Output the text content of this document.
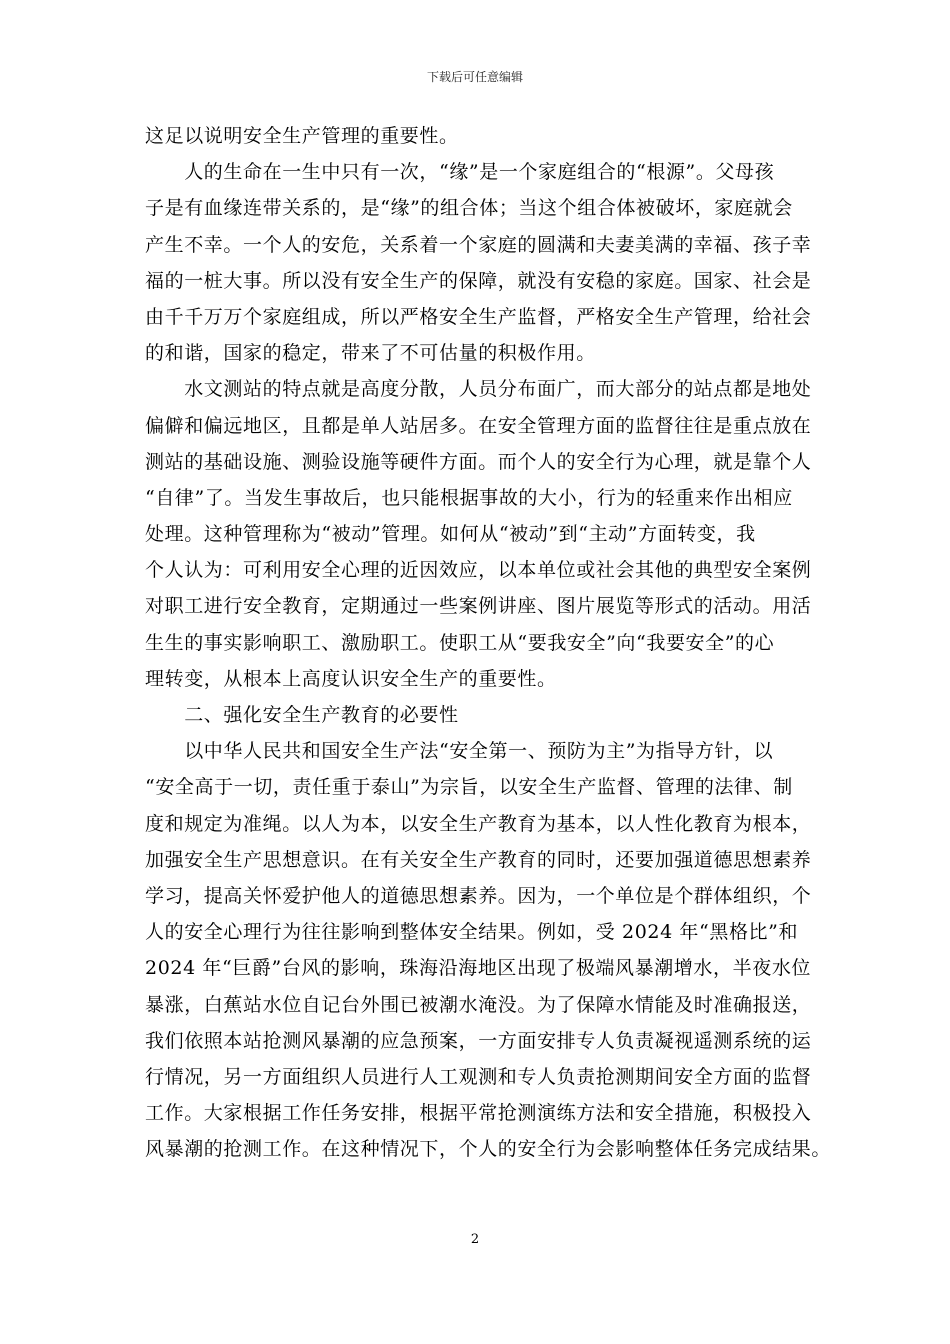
下载后可任意编辑
这足以说明安全生产管理的重要性。
　　人的生命在一生中只有一次，“缘”是一个家庭组合的“根源”。父母孩
子是有血缘连带关系的，是“缘”的组合体；当这个组合体被破坏，家庭就会
产生不幸。一个人的安危，关系着一个家庭的圆满和夫妻美满的幸福、孩子幸
福的一桩大事。所以没有安全生产的保障，就没有安稳的家庭。国家、社会是
由千千万万个家庭组成，所以严格安全生产监督，严格安全生产管理，给社会
的和谐，国家的稳定，带来了不可估量的积极作用。
　　水文测站的特点就是高度分散，人员分布面广，而大部分的站点都是地处
偏僻和偏远地区，且都是单人站居多。在安全管理方面的监督往往是重点放在
测站的基础设施、测验设施等硬件方面。而个人的安全行为心理，就是靠个人
“自律”了。当发生事故后，也只能根据事故的大小，行为的轻重来作出相应
处理。这种管理称为“被动”管理。如何从“被动”到“主动”方面转变，我
个人认为：可利用安全心理的近因效应，以本单位或社会其他的典型安全案例
对职工进行安全教育，定期通过一些案例讲座、图片展览等形式的活动。用活
生生的事实影响职工、激励职工。使职工从“要我安全”向“我要安全”的心
理转变，从根本上高度认识安全生产的重要性。
　　二、强化安全生产教育的必要性
　　以中华人民共和国安全生产法“安全第一、预防为主”为指导方针，以
“安全高于一切，责任重于泰山”为宗旨，以安全生产监督、管理的法律、制
度和规定为准绳。以人为本，以安全生产教育为基本，以人性化教育为根本，
加强安全生产思想意识。在有关安全生产教育的同时，还要加强道德思想素养
学习，提高关怀爱护他人的道德思想素养。因为，一个单位是个群体组织，个
人的安全心理行为往往影响到整体安全结果。例如，受 2024 年“黑格比”和
2024 年“巨爵”台风的影响，珠海沿海地区出现了极端风暴潮增水，半夜水位
暴涨，白蕉站水位自记台外围已被潮水淹没。为了保障水情能及时准确报送，
我们依照本站抢测风暴潮的应急预案，一方面安排专人负责凝视遥测系统的运
行情况，另一方面组织人员进行人工观测和专人负责抢测期间安全方面的监督
工作。大家根据工作任务安排，根据平常抢测演练方法和安全措施，积极投入
风暴潮的抢测工作。在这种情况下，个人的安全行为会影响整体任务完成结果。
2
